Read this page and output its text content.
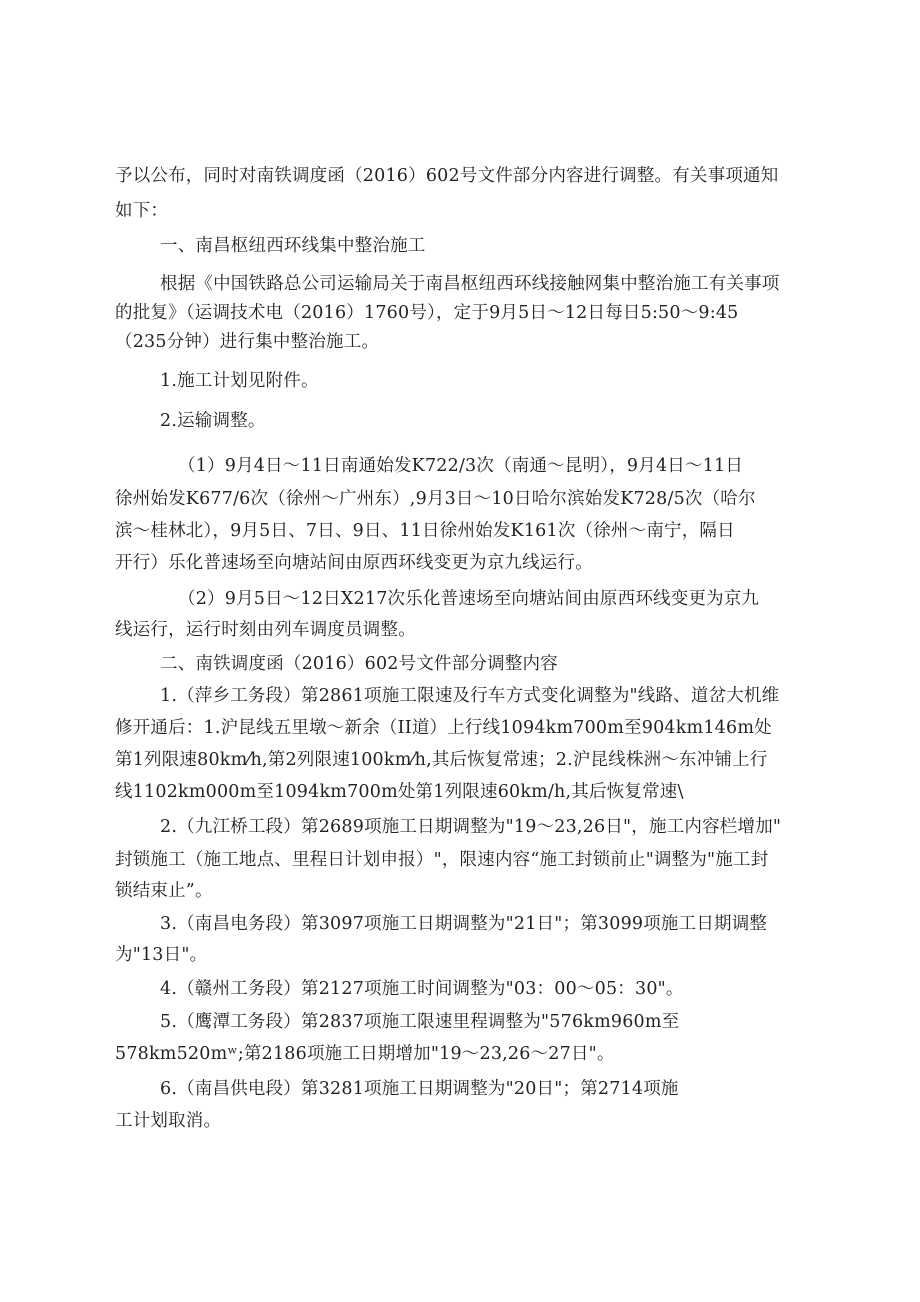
予以公布，同时对南铁调度函（2016）602号文件部分内容进行调整。有关事项通知
如下：
一、南昌枢纽西环线集中整治施工
根据《中国铁路总公司运输局关于南昌枢纽西环线接触网集中整治施工有关事项
的批复》（运调技术电（2016）1760号），定于9月5日〜12日每日5:50～9:45
（235分钟）进行集中整治施工。
1.施工计划见附件。
2.运输调整。
（1）9月4日〜11日南通始发K722/3次（南通〜昆明），9月4日〜11日
徐州始发K677/6次（徐州〜广州东）,9月3日〜10日哈尔滨始发K728/5次（哈尔
滨〜桂林北），9月5日、7日、9日、11日徐州始发K161次（徐州〜南宁，隔日
开行）乐化普速场至向塘站间由原西环线变更为京九线运行。
（2）9月5日〜12日X217次乐化普速场至向塘站间由原西环线变更为京九
线运行，运行时刻由列车调度员调整。
二、南铁调度函（2016）602号文件部分调整内容
1.（萍乡工务段）第2861项施工限速及行车方式变化调整为"线路、道岔大机维
修开通后：1.沪昆线五里墩〜新余（II道）上行线1094km700m至904km146m处
第1列限速80km⁄h,第2列限速100km⁄h,其后恢复常速；2.沪昆线株洲〜东冲铺上行
线1102km000m至1094km700m处第1列限速60km/h,其后恢复常速\
2.（九江桥工段）第2689项施工日期调整为"19～23,26日"，施工内容栏增加"
封锁施工（施工地点、里程日计划申报）"，限速内容“施工封锁前止"调整为"施工封
锁结束止”。
3.（南昌电务段）第3097项施工日期调整为"21日"；第3099项施工日期调整
为"13日"。
4.（赣州工务段）第2127项施工时间调整为"03：00～05：30"。
5.（鹰潭工务段）第2837项施工限速里程调整为"576km960m至
578km520mʷ;第2186项施工日期增加"19～23,26～27日"。
6.（南昌供电段）第3281项施工日期调整为"20日"；第2714项施
工计划取消。
